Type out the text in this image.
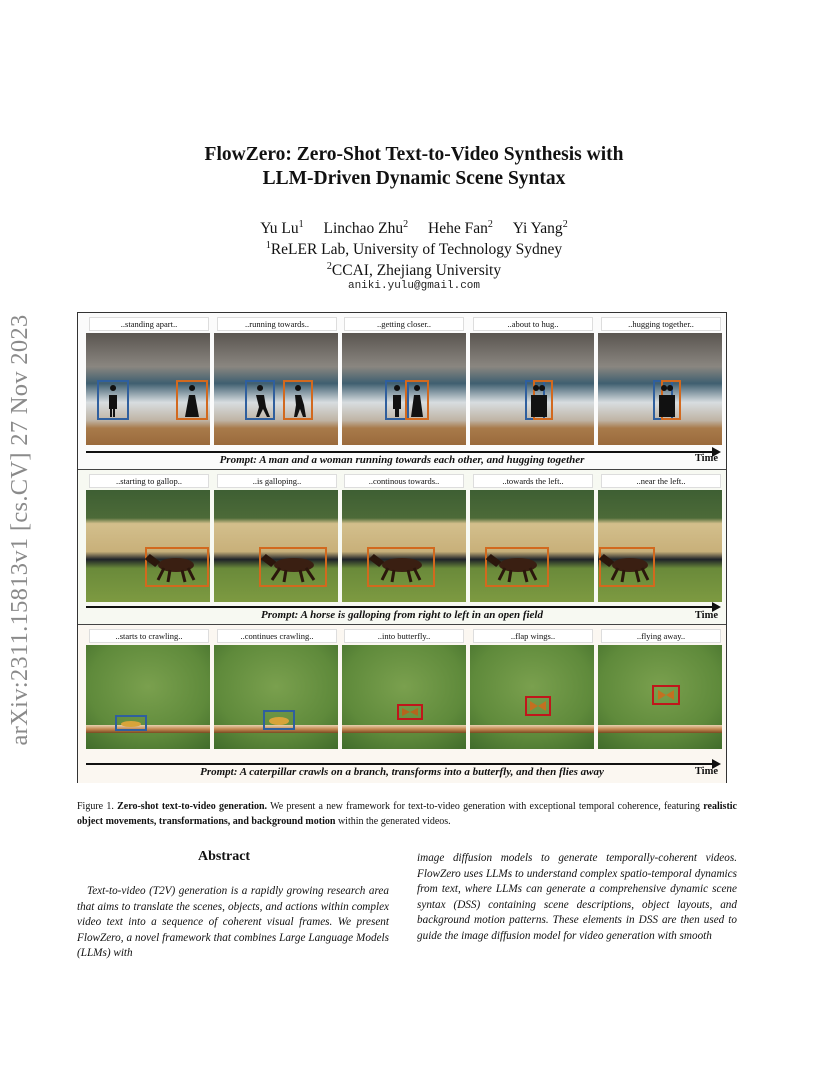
arXiv:2311.15813v1 [cs.CV] 27 Nov 2023
FlowZero: Zero-Shot Text-to-Video Synthesis with
LLM-Driven Dynamic Scene Syntax
Yu Lu$^1$ Linchao Zhu$^2$ Hehe Fan$^2$ Yi Yang$^2$
$^1$ReLER Lab, University of Technology Sydney
$^2$CCAI, Zhejiang University
aniki.yulu@gmail.com
..standing apart..	..running towards..	..getting closer..	..about to hug..	..hugging together..
Prompt: A man and a woman running towards each other, and hugging together	Time
..starting to gallop..	..is galloping..	..continous towards..	..towards the left..	..near the left..
Prompt: A horse is galloping from right to left in an open field	Time
..starts to crawling..	..continues crawling..	..into butterfly..	..flap wings..	..flying away..
Prompt: A caterpillar crawls on a branch, transforms into a butterfly, and then flies away	Time
Figure 1. Zero-shot text-to-video generation. We present a new framework for text-to-video generation with exceptional temporal coherence, featuring realistic object movements, transformations, and background motion within the generated videos.
Abstract
Text-to-video (T2V) generation is a rapidly growing research area that aims to translate the scenes, objects, and actions within complex video text into a sequence of coherent visual frames. We present FlowZero, a novel framework that combines Large Language Models (LLMs) with
image diffusion models to generate temporally-coherent videos. FlowZero uses LLMs to understand complex spatio-temporal dynamics from text, where LLMs can generate a comprehensive dynamic scene syntax (DSS) containing scene descriptions, object layouts, and background motion patterns. These elements in DSS are then used to guide the image diffusion model for video generation with smooth
